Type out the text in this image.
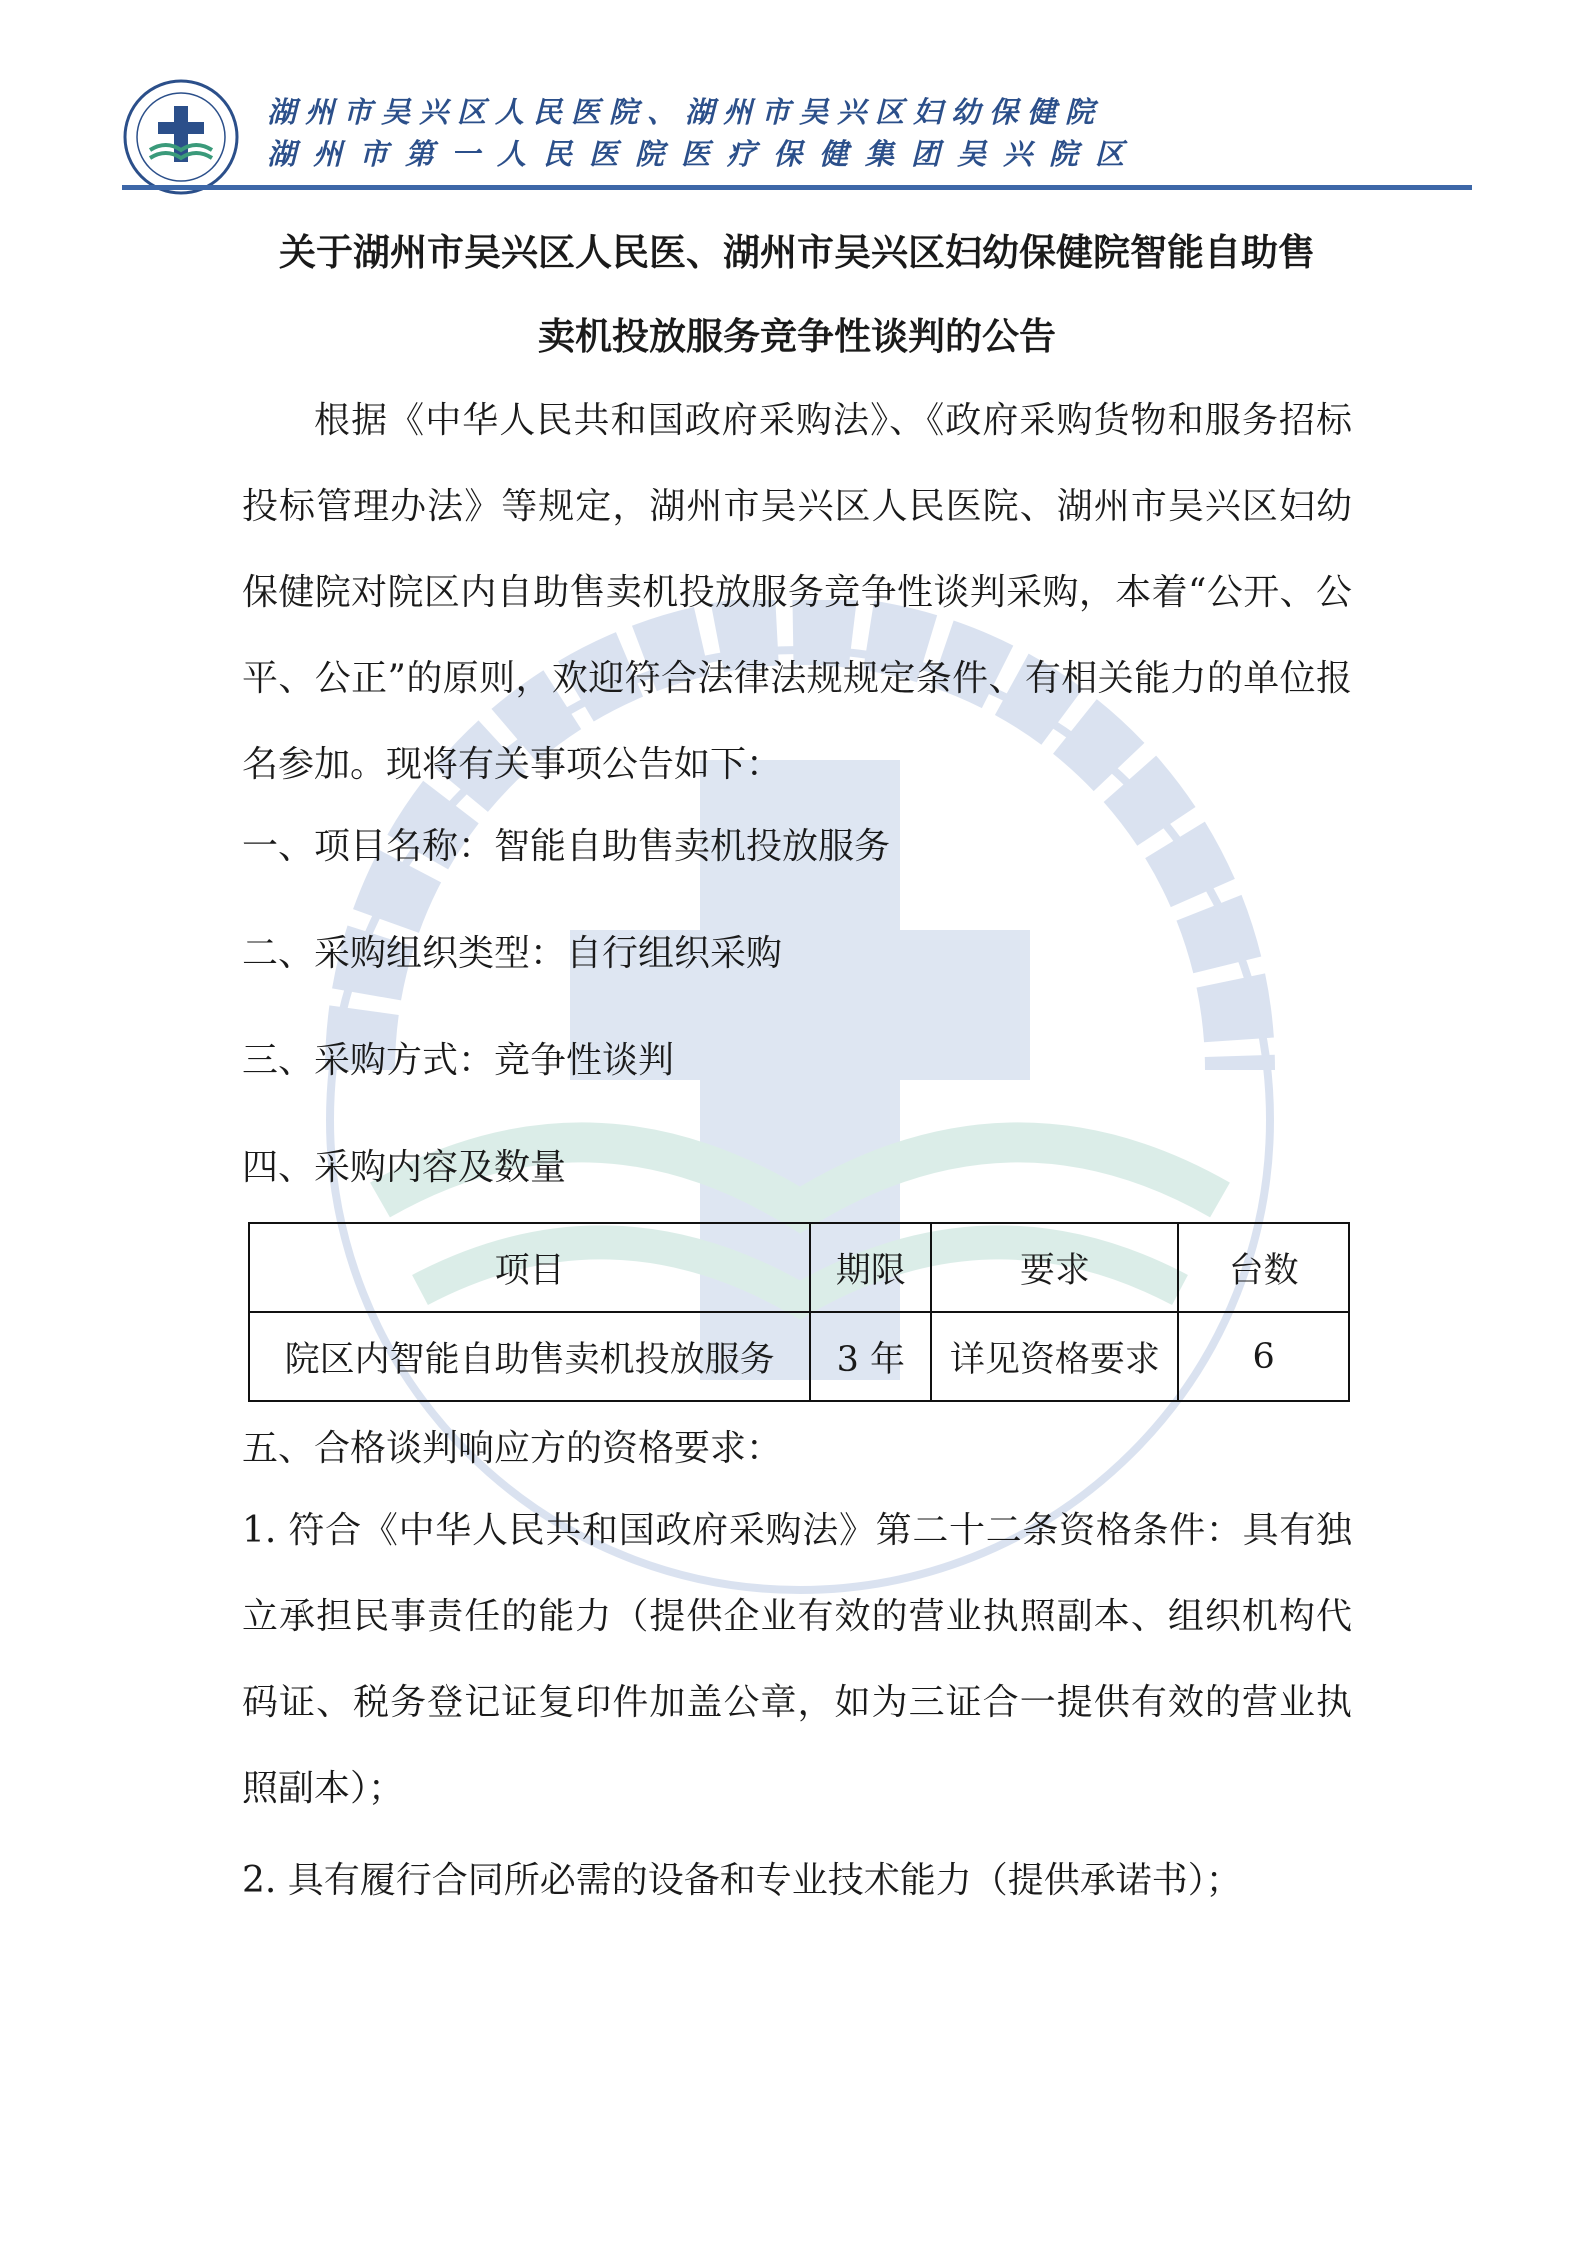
湖州市吴兴区人民医院、湖州市吴兴区妇幼保健院
湖州市第一人民医院医疗保健集团吴兴院区
关于湖州市吴兴区人民医、湖州市吴兴区妇幼保健院智能自助售
卖机投放服务竞争性谈判的公告
根据《中华人民共和国政府采购法》、《政府采购货物和服务招标投标管理办法》等规定，湖州市吴兴区人民医院、湖州市吴兴区妇幼保健院对院区内自助售卖机投放服务竞争性谈判采购，本着“公开、公平、公正”的原则，欢迎符合法律法规规定条件、有相关能力的单位报名参加。现将有关事项公告如下：
一、项目名称：智能自助售卖机投放服务
二、采购组织类型：自行组织采购
三、采购方式：竞争性谈判
四、采购内容及数量
项目	期限	要求	台数
院区内智能自助售卖机投放服务	3 年	详见资格要求	6
五、合格谈判响应方的资格要求：
1. 符合《中华人民共和国政府采购法》第二十二条资格条件：具有独立承担民事责任的能力（提供企业有效的营业执照副本、组织机构代码证、税务登记证复印件加盖公章，如为三证合一提供有效的营业执照副本）；
2. 具有履行合同所必需的设备和专业技术能力（提供承诺书）；
